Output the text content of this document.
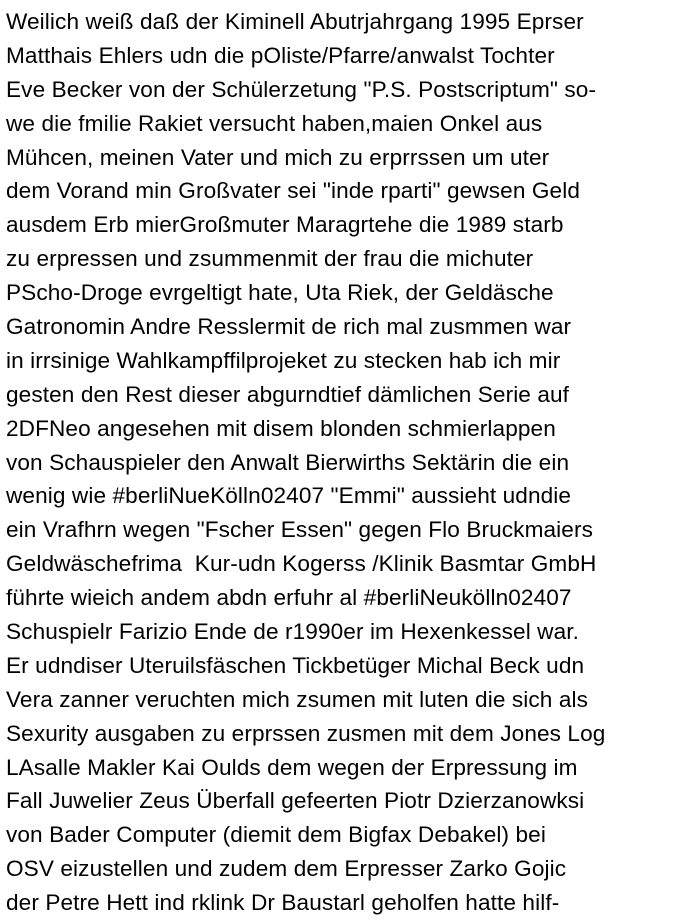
Weilich weiß daß der Kiminell Abutrjahrgang 1995 Eprser
Matthais Ehlers udn die pOliste/Pfarre/anwalst Tochter
Eve Becker von der Schülerzetung "P.S. Postscriptum" so-
we die fmilie Rakiet versucht haben,maien Onkel aus
Mühcen, meinen Vater und mich zu erprrssen um uter
dem Vorand min Großvater sei "inde rparti" gewsen Geld
ausdem Erb mierGroßmuter Maragrtehe die 1989 starb
zu erpressen und zsummenmit der frau die michuter
PScho-Droge evrgeltigt hate, Uta Riek, der Geldäsche
Gatronomin Andre Resslermit de rich mal zusmmen war
in irrsinige Wahlkampffilprojeket zu stecken hab ich mir
gesten den Rest dieser abgurndtief dämlichen Serie auf
2DFNeo angesehen mit disem blonden schmierlappen
von Schauspieler den Anwalt Bierwirths Sektärin die ein
wenig wie #berliNueKölln02407 "Emmi" aussieht udndie
ein Vrafhrn wegen "Fscher Essen" gegen Flo Bruckmaiers
Geldwäschefrima  Kur-udn Kogerss /Klinik Basmtar GmbH
führte wieich andem abdn erfuhr al #berliNeukölln02407
Schuspielr Farizio Ende de r1990er im Hexenkessel war.
Er udndiser Uteruilsfäschen Tickbetüger Michal Beck udn
Vera zanner veruchten mich zsumen mit luten die sich als
Sexurity ausgaben zu erprssen zusmen mit dem Jones Log
LAsalle Makler Kai Oulds dem wegen der Erpressung im
Fall Juwelier Zeus Überfall gefeerten Piotr Dzierzanowksi
von Bader Computer (diemit dem Bigfax Debakel) bei
OSV eizustellen und zudem dem Erpresser Zarko Gojic
der Petre Hett ind rklink Dr Baustarl geholfen hatte hilf-
